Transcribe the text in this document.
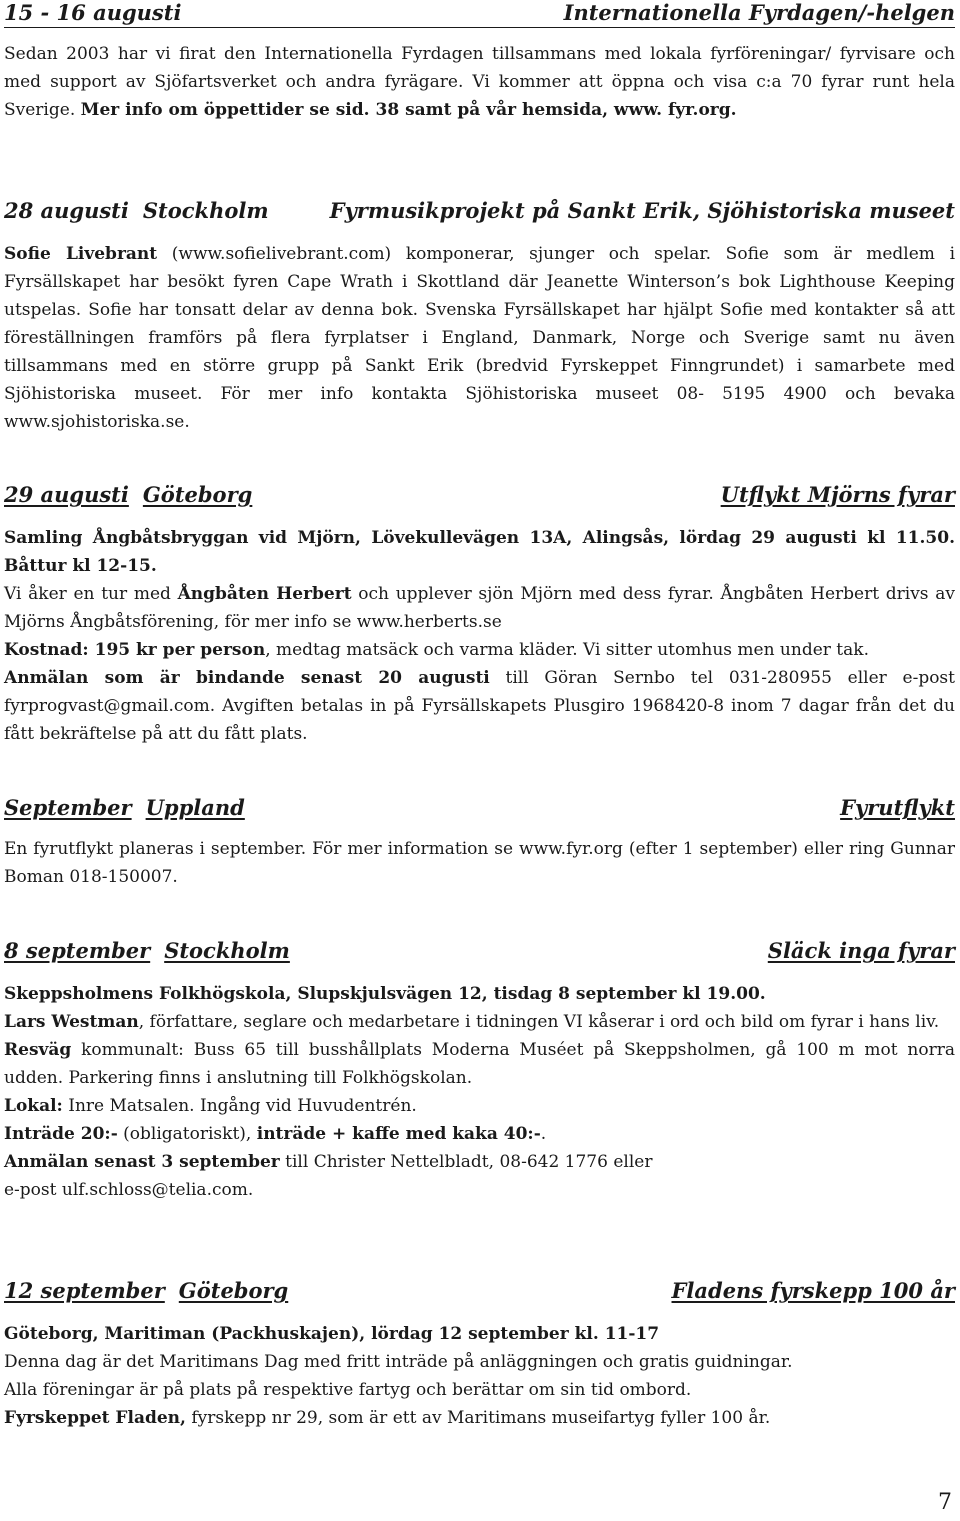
15 - 16 augusti	Internationella Fyrdagen/-helgen

Sedan 2003 har vi firat den Internationella Fyrdagen tillsammans med lokala fyrföreningar/ fyrvisare och med support av Sjöfartsverket och andra fyrägare. Vi kommer att öppna och visa c:a 70 fyrar runt hela Sverige. Mer info om öppettider se sid. 38 samt på vår hemsida, www. fyr.org.

28 augusti Stockholm	Fyrmusikprojekt på Sankt Erik, Sjöhistoriska museet

Sofie Livebrant (www.sofielivebrant.com) komponerar, sjunger och spelar. Sofie som är medlem i Fyrsällskapet har besökt fyren Cape Wrath i Skottland där Jeanette Winterson’s bok Lighthouse Keeping utspelas. Sofie har tonsatt delar av denna bok. Svenska Fyrsällskapet har hjälpt Sofie med kontakter så att föreställningen framförs på flera fyrplatser i England, Danmark, Norge och Sverige samt nu även tillsammans med en större grupp på Sankt Erik (bredvid Fyrskeppet Finngrundet) i samarbete med Sjöhistoriska museet. För mer info kontakta Sjöhistoriska museet 08- 5195 4900 och bevaka www.sjohistoriska.se.

29 augusti Göteborg	Utflykt Mjörns fyrar

Samling Ångbåtsbryggan vid Mjörn, Lövekullevägen 13A, Alingsås, lördag 29 augusti kl 11.50. Båttur kl 12-15.

Vi åker en tur med Ångbåten Herbert och upplever sjön Mjörn med dess fyrar. Ångbåten Herbert drivs av Mjörns Ångbåtsförening, för mer info se www.herberts.se

Kostnad: 195 kr per person, medtag matsäck och varma kläder. Vi sitter utomhus men under tak.

Anmälan som är bindande senast 20 augusti till Göran Sernbo tel 031-280955 eller e-post fyrprogvast@gmail.com. Avgiften betalas in på Fyrsällskapets Plusgiro 1968420-8 inom 7 dagar från det du fått bekräftelse på att du fått plats.

September Uppland	Fyrutflykt

En fyrutflykt planeras i september. För mer information se www.fyr.org (efter 1 september) eller ring Gunnar Boman 018-150007.

8 september Stockholm	Släck inga fyrar

Skeppsholmens Folkhögskola, Slupskjulsvägen 12, tisdag 8 september kl 19.00.

Lars Westman, författare, seglare och medarbetare i tidningen VI kåserar i ord och bild om fyrar i hans liv.

Resväg kommunalt: Buss 65 till busshållplats Moderna Muséet på Skeppsholmen, gå 100 m mot norra udden. Parkering finns i anslutning till Folkhögskolan.

Lokal: Inre Matsalen. Ingång vid Huvudentrén.

Inträde 20:- (obligatoriskt), inträde + kaffe med kaka 40:-.

Anmälan senast 3 september till Christer Nettelbladt, 08-642 1776 eller

e-post ulf.schloss@telia.com.

12 september Göteborg	Fladens fyrskepp 100 år

Göteborg, Maritiman (Packhuskajen), lördag 12 september kl. 11-17

Denna dag är det Maritimans Dag med fritt inträde på anläggningen och gratis guidningar.

Alla föreningar är på plats på respektive fartyg och berättar om sin tid ombord.

Fyrskeppet Fladen, fyrskepp nr 29, som är ett av Maritimans museifartyg fyller 100 år.

7
